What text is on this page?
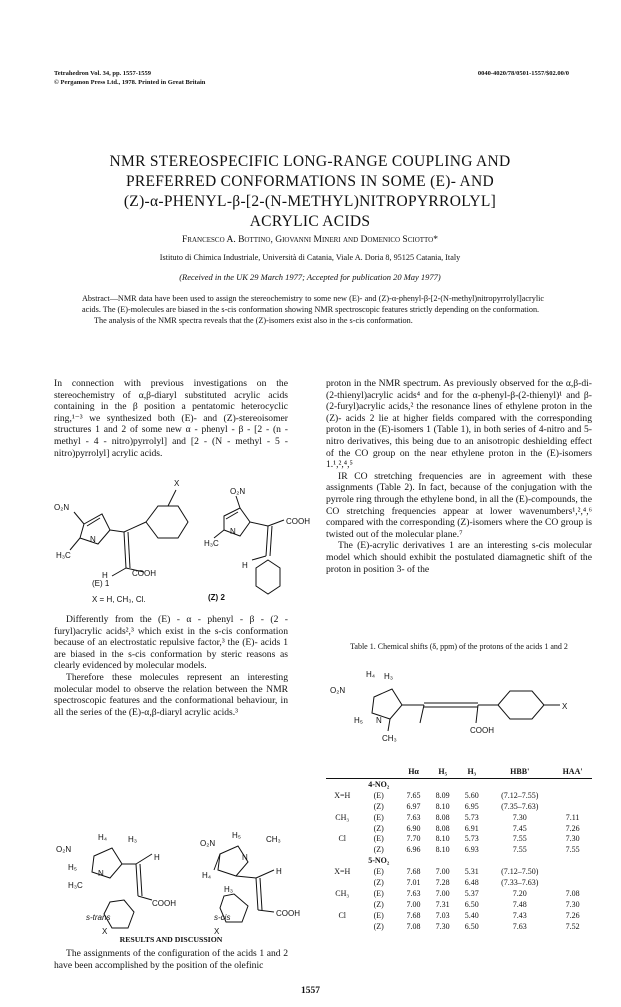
Tetrahedron Vol. 34, pp. 1557-1559
© Pergamon Press Ltd., 1978. Printed in Great Britain
0040-4020/78/0501-1557/$02.00/0
NMR STEREOSPECIFIC LONG-RANGE COUPLING AND
PREFERRED CONFORMATIONS IN SOME (E)- AND
(Z)-α-PHENYL-β-[2-(N-METHYL)NITROPYRROLYL]
ACRYLIC ACIDS
Francesco A. Bottino, Giovanni Mineri and Domenico Sciotto*
Istituto di Chimica Industriale, Università di Catania, Viale A. Doria 8, 95125 Catania, Italy
(Received in the UK 29 March 1977; Accepted for publication 20 May 1977)

Abstract—NMR data have been used to assign the stereochemistry to some new (E)- and (Z)-α-phenyl-β-[2-(N-methyl)nitropyrrolyl]acrylic acids. The (E)-molecules are biased in the s-cis conformation showing NMR spectroscopic features strictly depending on the conformation.

The analysis of the NMR spectra reveals that the (Z)-isomers exist also in the s-cis conformation.

In connection with previous investigations on the stereochemistry of α,β-diaryl substituted acrylic acids containing in the β position a pentatomic heterocyclic ring,¹⁻³ we synthesized both (E)- and (Z)-stereoisomer structures 1 and 2 of some new α - phenyl - β - [2 - (n - methyl - 4 - nitro)pyrrolyl] and [2 - (N - methyl - 5 - nitro)pyrrolyl] acrylic acids.

O₂N
X
N
H₃C
COOH
H
(E) 1
O₂N
N
H₃C
COOH
H
X = H, CH₃, Cl.	(Z) 2

Differently from the (E) - α - phenyl - β - (2 - furyl)acrylic acids²,³ which exist in the s-cis conformation because of an electrostatic repulsive factor,³ the (E)- acids 1 are biased in the s-cis conformation by steric reasons as clearly evidenced by molecular models.

Therefore these molecules represent an interesting molecular model to observe the relation between the NMR spectroscopic features and the conformational behaviour, in all the series of the (E)-α,β-diaryl acrylic acids.³

O₂N
H₄	H₃
H₅
N
H₃C
H
COOH
X
O₂N
H₅	CH₃
N
H₄
H₃
H
COOH
X
s-trans	s-cis
RESULTS AND DISCUSSION

The assignments of the configuration of the acids 1 and 2 have been accomplished by the position of the olefinic

proton in the NMR spectrum. As previously observed for the α,β-di-(2-thienyl)acrylic acids⁴ and for the α-phenyl-β-(2-thienyl)¹ and β-(2-furyl)acrylic acids,² the resonance lines of ethylene proton in the (Z)- acids 2 lie at higher fields compared with the corresponding proton in the (E)-isomers 1 (Table 1), in both series of 4-nitro and 5-nitro derivatives, this being due to an anisotropic deshielding effect of the CO group on the near ethylene proton in the (E)-isomers 1.¹,²,⁴,⁵

IR CO stretching frequencies are in agreement with these assignments (Table 2). In fact, because of the conjugation with the pyrrole ring through the ethylene bond, in all the (E)-compounds, the CO stretching frequencies appear at lower wavenumbers¹,²,⁴,⁶ compared with the corresponding (Z)-isomers where the CO group is twisted out of the molecular plane.⁷

The (E)-acrylic derivatives 1 are an interesting s-cis molecular model which should exhibit the postulated diamagnetic shift of the proton in position 3- of the

Table 1. Chemical shifts (δ, ppm) of the protons of the acids 1 and 2
O₂N
H₃
H₄
H₅ N
CH₃
COOH
X
		Hα	H₅	H₃	HBB'	HAA'
	4-NO₂					
X=H	(E)	7.65	8.09	5.60	(7.12–7.55)	
	(Z)	6.97	8.10	6.95	(7.35–7.63)	
CH₃	(E)	7.63	8.08	5.73	7.30	7.11
	(Z)	6.90	8.08	6.91	7.45	7.26
Cl	(E)	7.70	8.10	5.73	7.55	7.30
	(Z)	6.96	8.10	6.93	7.55	7.55
	5-NO₂					
X=H	(E)	7.68	7.00	5.31	(7.12–7.50)	
	(Z)	7.01	7.28	6.48	(7.33–7.63)	
CH₃	(E)	7.63	7.00	5.37	7.20	7.08
	(Z)	7.00	7.31	6.50	7.48	7.30
Cl	(E)	7.68	7.03	5.40	7.43	7.26
	(Z)	7.08	7.30	6.50	7.63	7.52
1557
